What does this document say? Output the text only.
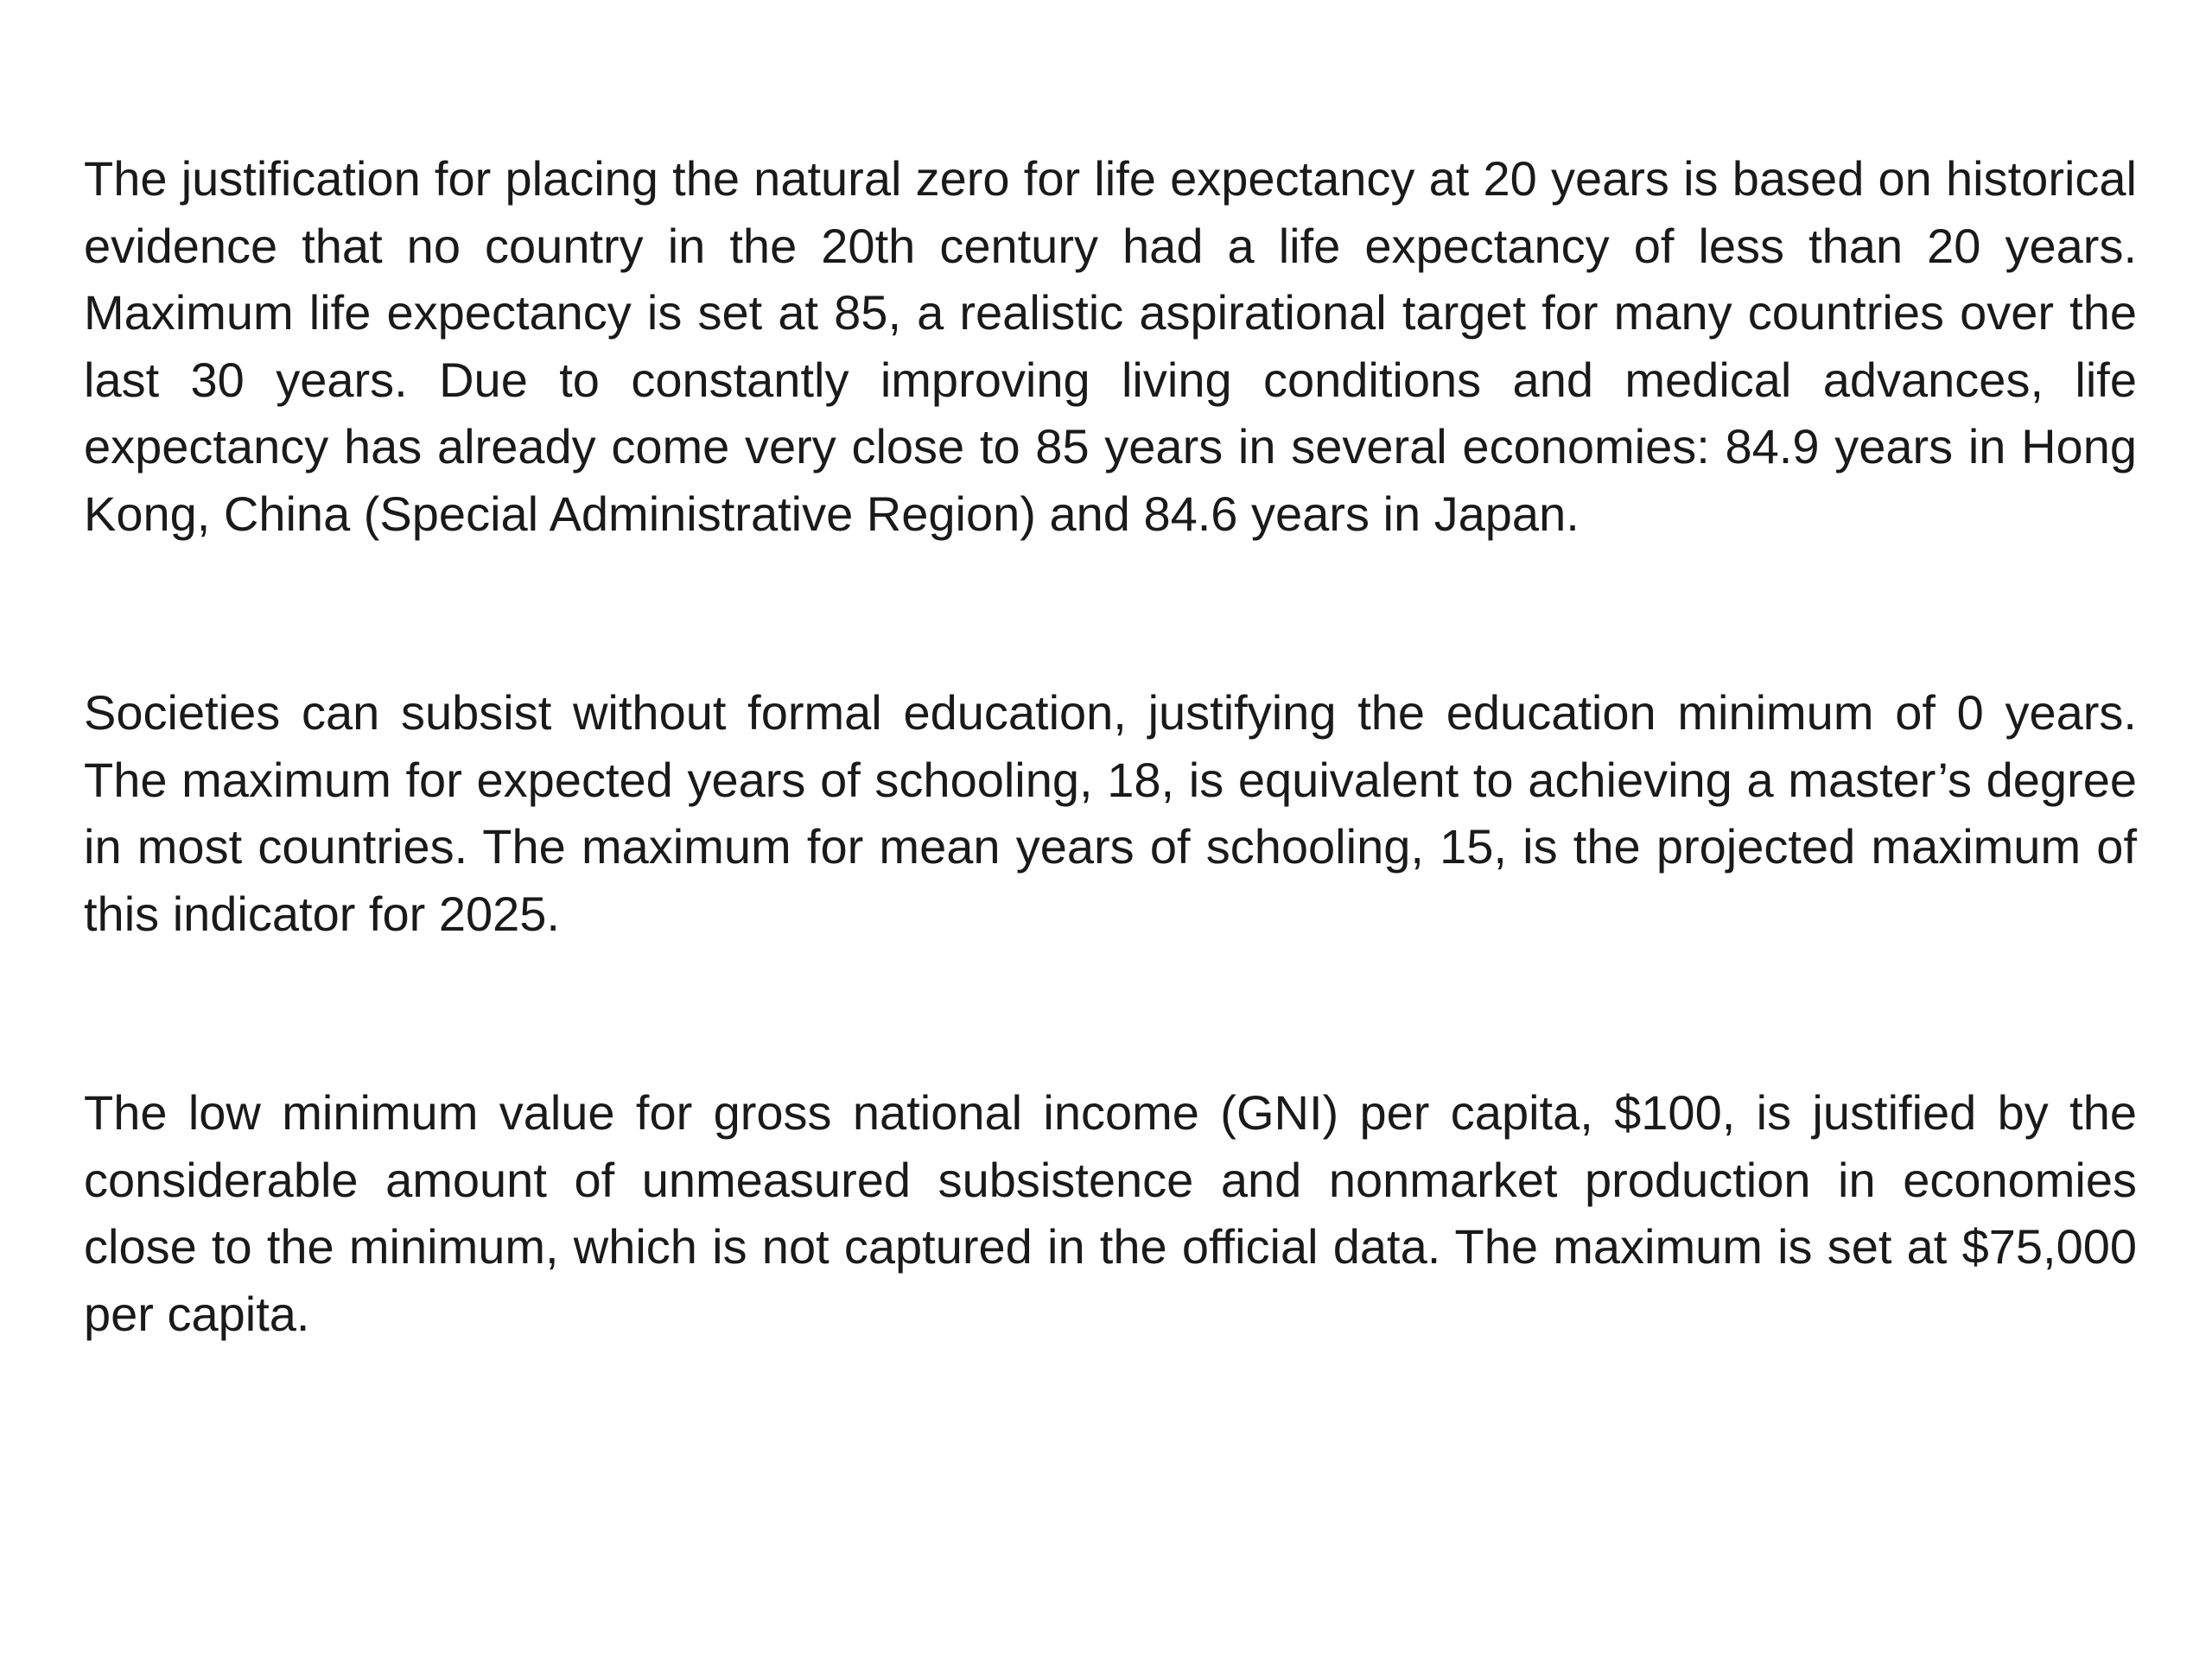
The justification for placing the natural zero for life expectancy at 20 years is based on historical evidence that no country in the 20th century had a life expectancy of less than 20 years. Maximum life expectancy is set at 85, a realistic aspirational target for many countries over the last 30 years. Due to constantly improving living conditions and medical advances, life expectancy has already come very close to 85 years in several economies: 84.9 years in Hong Kong, China (Special Administrative Region) and 84.6 years in Japan.

Societies can subsist without formal education, justifying the education minimum of 0 years. The maximum for expected years of schooling, 18, is equivalent to achieving a master’s degree in most countries. The maximum for mean years of schooling, 15, is the projected maximum of this indicator for 2025.

The low minimum value for gross national income (GNI) per capita, $100, is justified by the considerable amount of unmeasured subsistence and nonmarket production in economies close to the minimum, which is not captured in the official data. The maximum is set at $75,000 per capita.
